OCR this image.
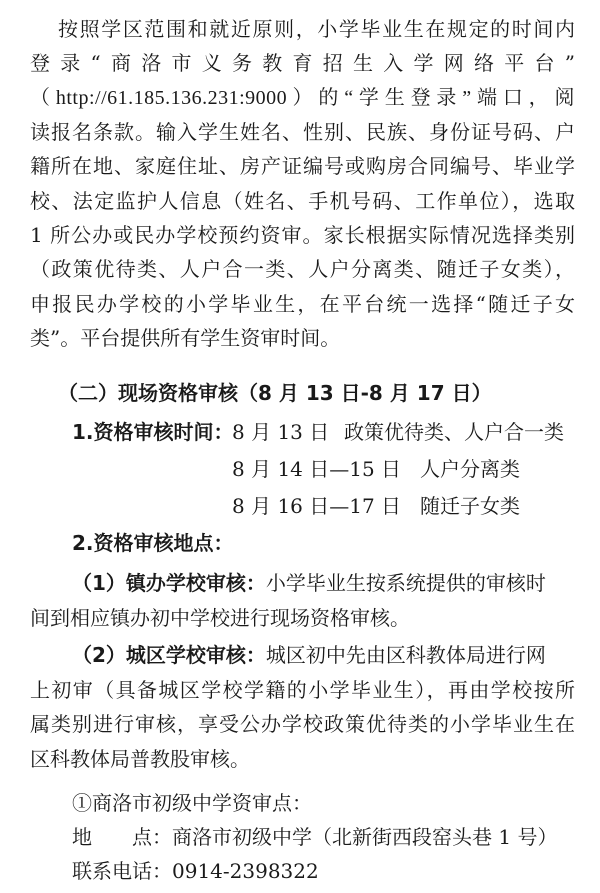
按照学区范围和就近原则，小学毕业生在规定的时间内
登录“商洛市义务教育招生入学网络平台”
（http://61.185.136.231:9000）的“学生登录”端口，阅
读报名条款。输入学生姓名、性别、民族、身份证号码、户
籍所在地、家庭住址、房产证编号或购房合同编号、毕业学
校、法定监护人信息（姓名、手机号码、工作单位），选取
1 所公办或民办学校预约资审。家长根据实际情况选择类别
（政策优待类、人户合一类、人户分离类、随迁子女类），
申报民办学校的小学毕业生，在平台统一选择“随迁子女
类”。平台提供所有学生资审时间。
（二）现场资格审核（8 月 13 日-8 月 17 日）
1.资格审核时间：
8 月 13 日 政策优待类、人户合一类
8 月 14 日—15 日 人户分离类
8 月 16 日—17 日 随迁子女类
2.资格审核地点：
（1）镇办学校审核：小学毕业生按系统提供的审核时
间到相应镇办初中学校进行现场资格审核。
（2）城区学校审核：城区初中先由区科教体局进行网
上初审（具备城区学校学籍的小学毕业生），再由学校按所
属类别进行审核，享受公办学校政策优待类的小学毕业生在
区科教体局普教股审核。
①商洛市初级中学资审点：
地　　点：商洛市初级中学（北新街西段窑头巷 1 号）
联系电话：0914-2398322
